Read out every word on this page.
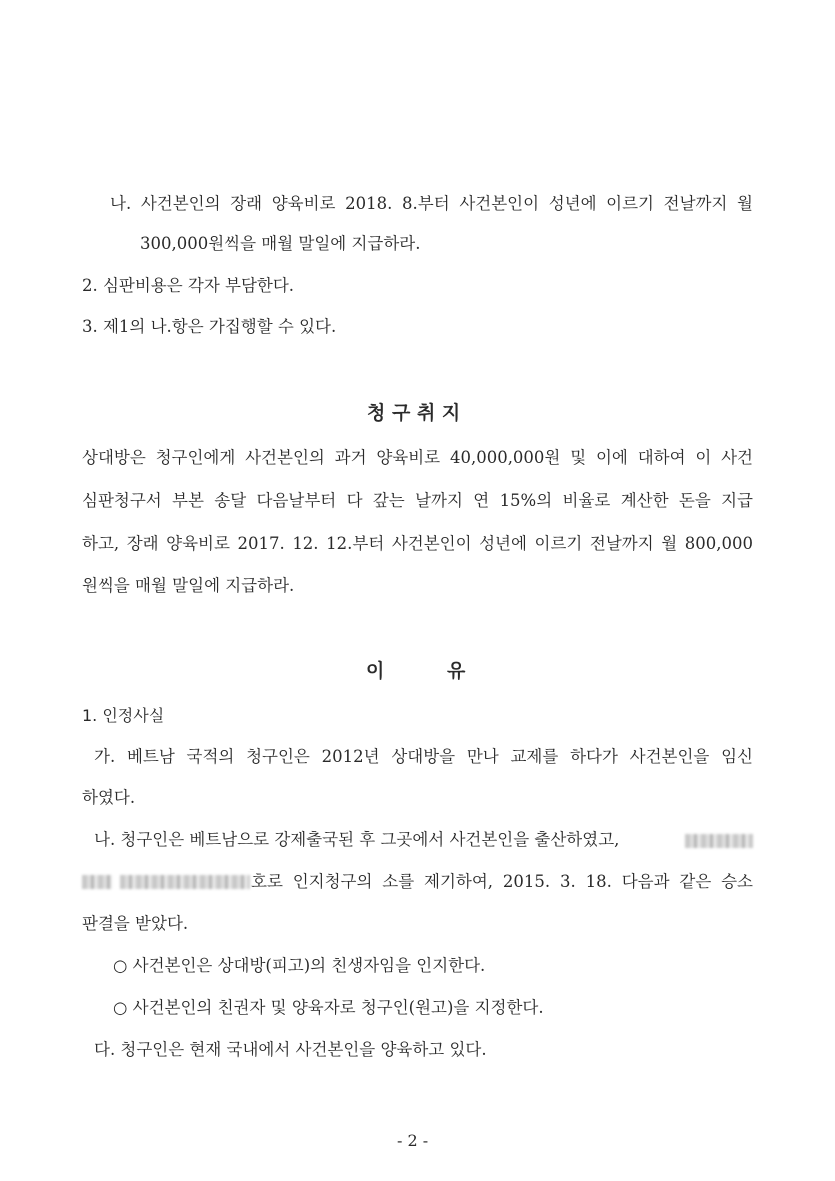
나. 사건본인의 장래 양육비로 2018. 8.부터 사건본인이 성년에 이르기 전날까지 월
300,000원씩을 매월 말일에 지급하라.
2. 심판비용은 각자 부담한다.
3. 제1의 나.항은 가집행할 수 있다.
청 구 취 지
상대방은 청구인에게 사건본인의 과거 양육비로 40,000,000원 및 이에 대하여 이 사건
심판청구서 부본 송달 다음날부터 다 갚는 날까지 연 15%의 비율로 계산한 돈을 지급
하고, 장래 양육비로 2017. 12. 12.부터 사건본인이 성년에 이르기 전날까지 월 800,000
원씩을 매월 말일에 지급하라.
이	유
1. 인정사실
가. 베트남 국적의 청구인은 2012년 상대방을 만나 교제를 하다가 사건본인을 임신
하였다.
나. 청구인은 베트남으로 강제출국된 후 그곳에서 사건본인을 출산하였고,
호로 인지청구의 소를 제기하여, 2015. 3. 18. 다음과 같은 승소
판결을 받았다.
○ 사건본인은 상대방(피고)의 친생자임을 인지한다.
○ 사건본인의 친권자 및 양육자로 청구인(원고)을 지정한다.
다. 청구인은 현재 국내에서 사건본인을 양육하고 있다.
- 2 -
